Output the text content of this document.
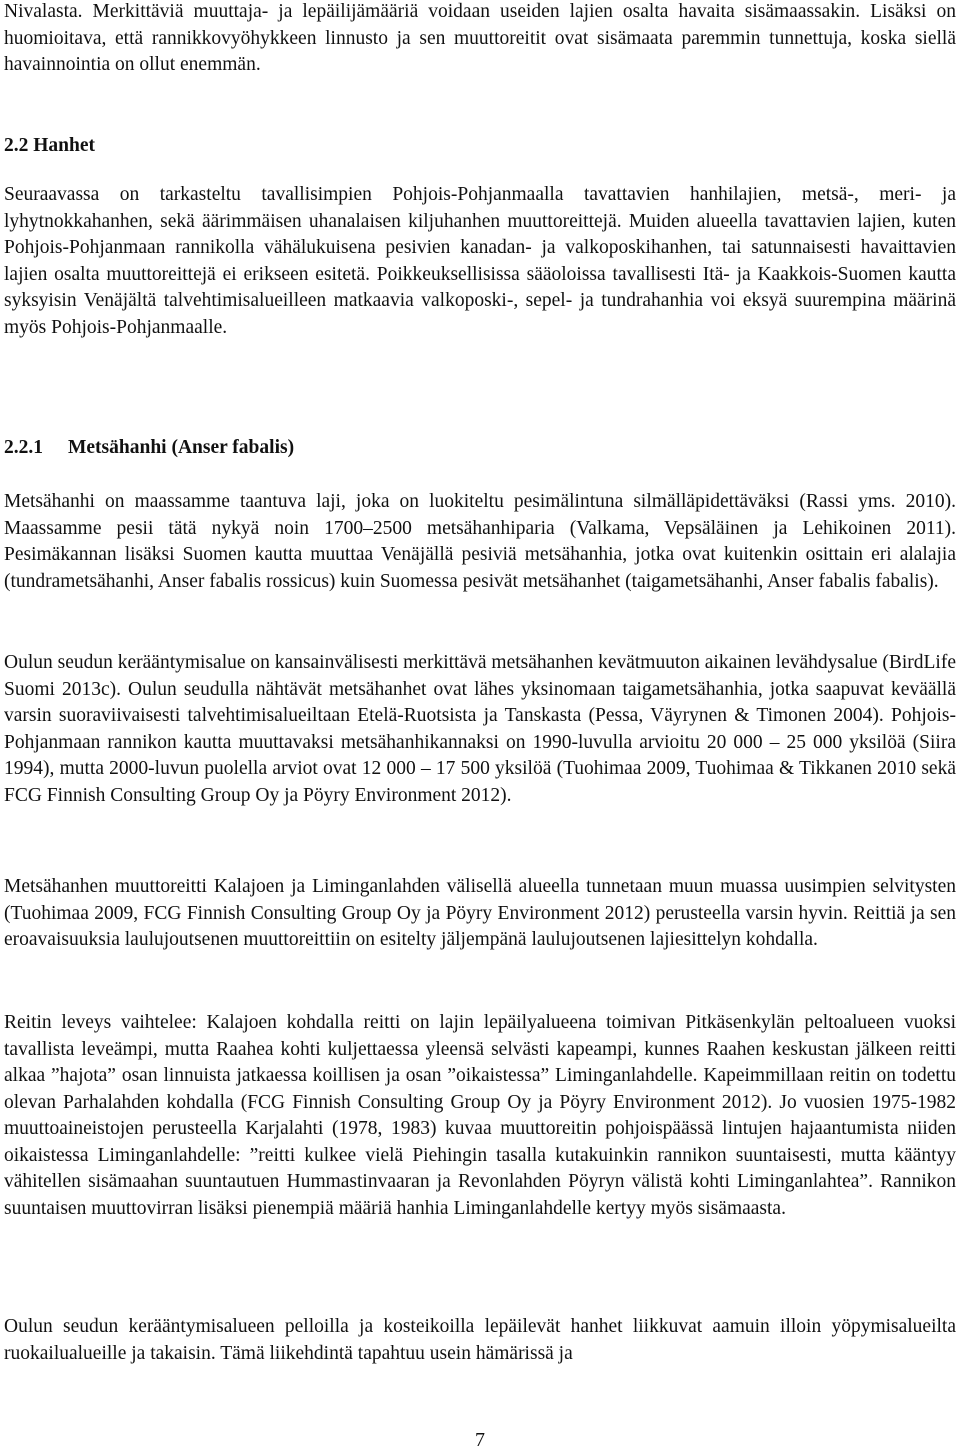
Nivalasta. Merkittäviä muuttaja- ja lepäilijämääriä voidaan useiden lajien osalta havaita sisämaassakin. Lisäksi on huomioitava, että rannikkovyöhykkeen linnusto ja sen muuttoreitit ovat sisämaata paremmin tunnettuja, koska siellä havainnointia on ollut enemmän.

2.2 Hanhet

Seuraavassa on tarkasteltu tavallisimpien Pohjois-Pohjanmaalla tavattavien hanhilajien, metsä-, meri- ja lyhytnokkahanhen, sekä äärimmäisen uhanalaisen kiljuhanhen muuttoreittejä. Muiden alueella tavattavien lajien, kuten Pohjois-Pohjanmaan rannikolla vähälukuisena pesivien kanadan- ja valkoposkihanhen, tai satunnaisesti havaittavien lajien osalta muuttoreittejä ei erikseen esitetä. Poikkeuksellisissa sääoloissa tavallisesti Itä- ja Kaakkois-Suomen kautta syksyisin Venäjältä talvehtimisalueilleen matkaavia valkoposki-, sepel- ja tundrahanhia voi eksyä suurempina määrinä myös Pohjois-Pohjanmaalle.

2.2.1 Metsähanhi (Anser fabalis)

Metsähanhi on maassamme taantuva laji, joka on luokiteltu pesimälintuna silmälläpidettäväksi (Rassi yms. 2010). Maassamme pesii tätä nykyä noin 1700–2500 metsähanhiparia (Valkama, Vepsäläinen ja Lehikoinen 2011). Pesimäkannan lisäksi Suomen kautta muuttaa Venäjällä pesiviä metsähanhia, jotka ovat kuitenkin osittain eri alalajia (tundrametsähanhi, Anser fabalis rossicus) kuin Suomessa pesivät metsähanhet (taigametsähanhi, Anser fabalis fabalis).

Oulun seudun kerääntymisalue on kansainvälisesti merkittävä metsähanhen kevätmuuton aikainen levähdysalue (BirdLife Suomi 2013c). Oulun seudulla nähtävät metsähanhet ovat lähes yksinomaan taigametsähanhia, jotka saapuvat keväällä varsin suoraviivaisesti talvehtimisalueiltaan Etelä-Ruotsista ja Tanskasta (Pessa, Väyrynen & Timonen 2004). Pohjois-Pohjanmaan rannikon kautta muuttavaksi metsähanhikannaksi on 1990-luvulla arvioitu 20 000 – 25 000 yksilöä (Siira 1994), mutta 2000-luvun puolella arviot ovat 12 000 – 17 500 yksilöä (Tuohimaa 2009, Tuohimaa & Tikkanen 2010 sekä FCG Finnish Consulting Group Oy ja Pöyry Environment 2012).

Metsähanhen muuttoreitti Kalajoen ja Liminganlahden välisellä alueella tunnetaan muun muassa uusimpien selvitysten (Tuohimaa 2009, FCG Finnish Consulting Group Oy ja Pöyry Environment 2012) perusteella varsin hyvin. Reittiä ja sen eroavaisuuksia laulujoutsenen muuttoreittiin on esitelty jäljempänä laulujoutsenen lajiesittelyn kohdalla.

Reitin leveys vaihtelee: Kalajoen kohdalla reitti on lajin lepäilyalueena toimivan Pitkäsenkylän peltoalueen vuoksi tavallista leveämpi, mutta Raahea kohti kuljettaessa yleensä selvästi kapeampi, kunnes Raahen keskustan jälkeen reitti alkaa ”hajota” osan linnuista jatkaessa koillisen ja osan ”oikaistessa” Liminganlahdelle. Kapeimmillaan reitin on todettu olevan Parhalahden kohdalla (FCG Finnish Consulting Group Oy ja Pöyry Environment 2012). Jo vuosien 1975-1982 muuttoaineistojen perusteella Karjalahti (1978, 1983) kuvaa muuttoreitin pohjoispäässä lintujen hajaantumista niiden oikaistessa Liminganlahdelle: ”reitti kulkee vielä Piehingin tasalla kutakuinkin rannikon suuntaisesti, mutta kääntyy vähitellen sisämaahan suuntautuen Hummastinvaaran ja Revonlahden Pöyryn välistä kohti Liminganlahtea”. Rannikon suuntaisen muuttovirran lisäksi pienempiä määriä hanhia Liminganlahdelle kertyy myös sisämaasta.

Oulun seudun kerääntymisalueen pelloilla ja kosteikoilla lepäilevät hanhet liikkuvat aamuin illoin yöpymisalueilta ruokailualueille ja takaisin. Tämä liikehdintä tapahtuu usein hämärissä ja

7
